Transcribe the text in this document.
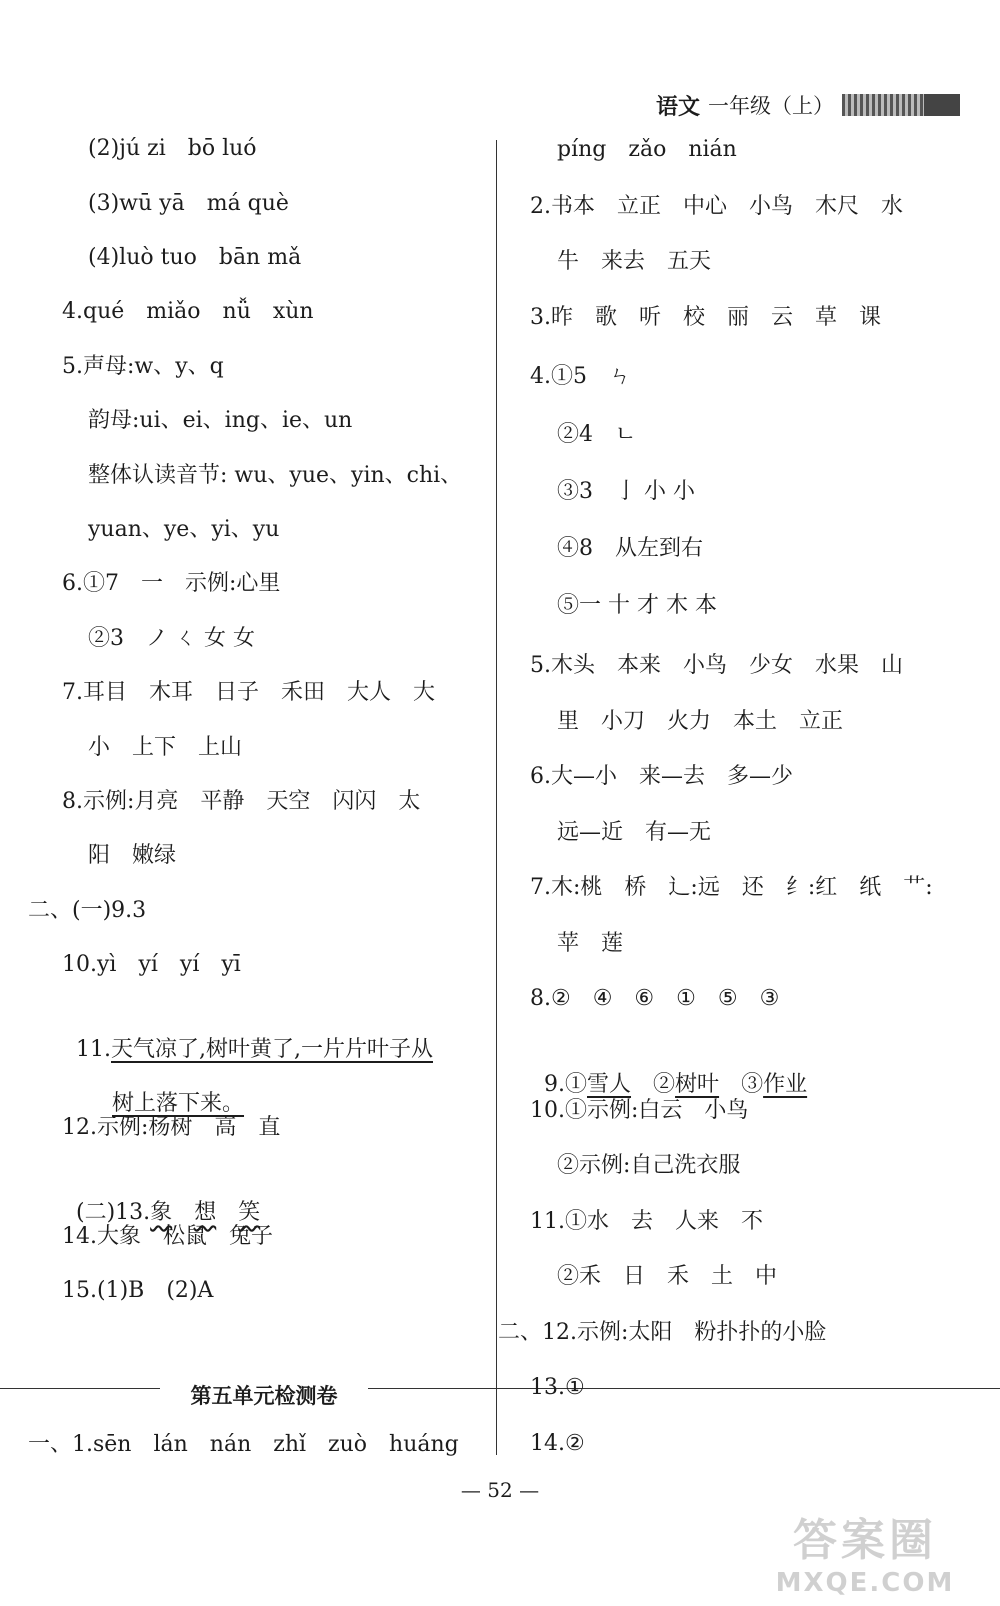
语文 一年级（上）
(2)jú zi　bō luó
(3)wū yā　má què
(4)luò tuo　bān mǎ
4.qué　miǎo　nǚ　xùn
5.声母:w、y、q
韵母:ui、ei、ing、ie、un
整体认读音节: wu、yue、yin、chi、
yuan、ye、yi、yu
6.①7　一　示例:心里
②3　ノ ㄑ 女 女
7.耳目　木耳　日子　禾田　大人　大
小　上下　上山
8.示例:月亮　平静　天空　闪闪　太
阳　嫩绿
二、(一)9.3
10.yì　yí　yí　yī

11.天气凉了,树叶黄了,一片片叶子从

树上落下来。

12.示例:杨树　高　直

(二)13.象　 想　 笑

14.大象　松鼠　兔子
15.(1)B　(2)A
第五单元检测卷
一、1.sēn　lán　nán　zhǐ　zuò　huáng
píng　zǎo　nián
2.书本　立正　中心　小鸟　木尺　水
牛　来去　五天
3.昨　歌　听　校　丽　云　草　课
4.①5　ㄣ
②4　ㄴ
③3　亅 小 小
④8　从左到右
⑤一 十 才 木 本
5.木头　本来　小鸟　少女　水果　山
里　小刀　火力　本土　立正
6.大—小　来—去　多—少
远—近　有—无
7.木:桃　桥　辶:远　还　纟:红　纸　艹:
苹　莲
8.②　④　⑥　①　⑤　③

9.①雪人　 ②树叶　 ③作业

10.①示例:白云　小鸟
②示例:自己洗衣服
11.①水　去　人来　不
②禾　日　禾　土　中
二、12.示例:太阳　粉扑扑的小脸
13.①
14.②
— 52 —
答案圈
MXQE.COM
